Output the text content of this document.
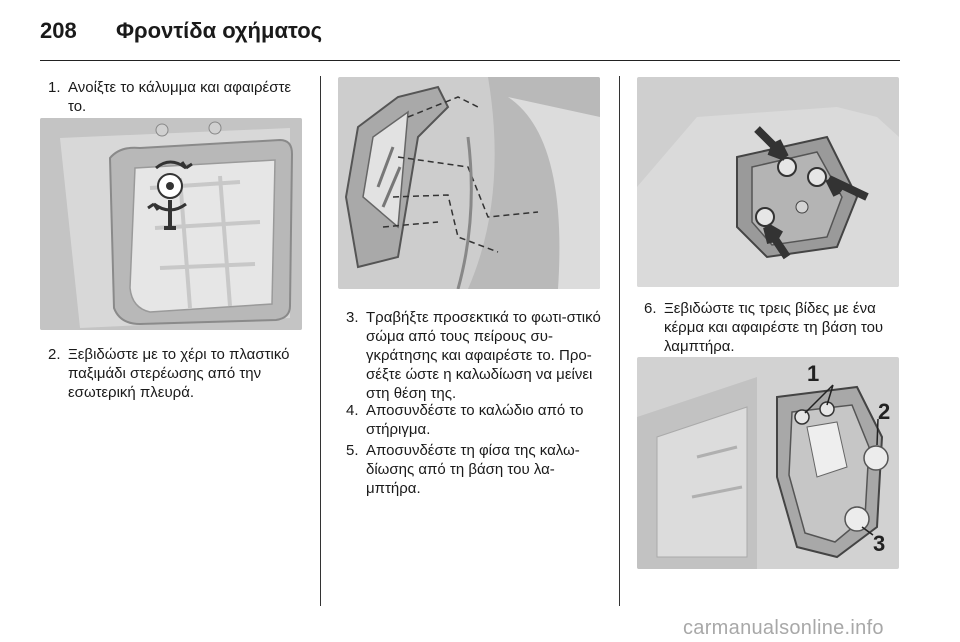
208 Φροντίδα οχήματος
1. Ανοίξτε το κάλυμμα και αφαιρέστε το.
2. Ξεβιδώστε με το χέρι το πλαστικό παξιμάδι στερέωσης από την εσωτερική πλευρά.
3. Τραβήξτε προσεκτικά το φωτι-στικό σώμα από τους πείρους συ-γκράτησης και αφαιρέστε το. Προ-σέξτε ώστε η καλωδίωση να μείνει στη θέση της.
4. Αποσυνδέστε το καλώδιο από το στήριγμα.
5. Αποσυνδέστε τη φίσα της καλω-δίωσης από τη βάση του λα-μπτήρα.
6. Ξεβιδώστε τις τρεις βίδες με ένα κέρμα και αφαιρέστε τη βάση του λαμπτήρα.
1
2
3
carmanualsonline.info
